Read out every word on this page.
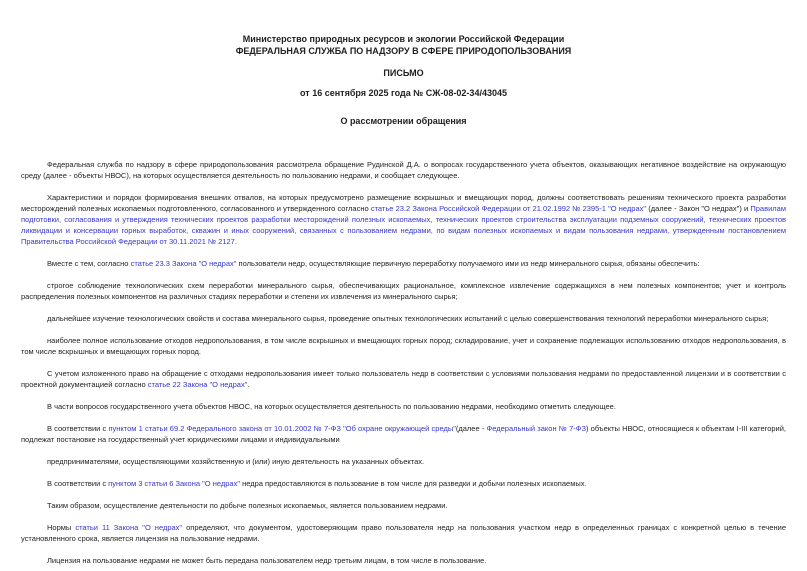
Министерство природных ресурсов и экологии Российской Федерации
ФЕДЕРАЛЬНАЯ СЛУЖБА ПО НАДЗОРУ В СФЕРЕ ПРИРОДОПОЛЬЗОВАНИЯ
ПИСЬМО
от 16 сентября 2025 года № СЖ-08-02-34/43045
О рассмотрении обращения

Федеральная служба по надзору в сфере природопользования рассмотрела обращение Рудинской Д.А. о вопросах государственного учета объектов, оказывающих негативное воздействие на окружающую среду (далее - объекты НВОС), на которых осуществляется деятельность по пользованию недрами, и сообщает следующее.

Характеристики и порядок формирования внешних отвалов, на которых предусмотрено размещение вскрышных и вмещающих пород, должны соответствовать решениям технического проекта разработки месторождений полезных ископаемых подготовленного, согласованного и утвержденного согласно статье 23.2 Закона Российской Федерации от 21.02.1992 № 2395-1 "О недрах" (далее - Закон "О недрах") и Правилам подготовки, согласования и утверждения технических проектов разработки месторождений полезных ископаемых, технических проектов строительства эксплуатации подземных сооружений, технических проектов ликвидации и консервации горных выработок, скважин и иных сооружений, связанных с пользованием недрами, по видам полезных ископаемых и видам пользования недрами, утвержденным постановлением Правительства Российской Федерации от 30.11.2021 № 2127.

Вместе с тем, согласно статье 23.3 Закона "О недрах" пользователи недр, осуществляющие первичную переработку получаемого ими из недр минерального сырья, обязаны обеспечить:

строгое соблюдение технологических схем переработки минерального сырья, обеспечивающих рациональное, комплексное извлечение содержащихся в нем полезных компонентов; учет и контроль распределения полезных компонентов на различных стадиях переработки и степени их извлечения из минерального сырья;

дальнейшее изучение технологических свойств и состава минерального сырья, проведение опытных технологических испытаний с целью совершенствования технологий переработки минерального сырья;

наиболее полное использование отходов недропользования, в том числе вскрышных и вмещающих горных пород; складирование, учет и сохранение подлежащих использованию отходов недропользования, в том числе вскрышных и вмещающих горных пород.

С учетом изложенного право на обращение с отходами недропользования имеет только пользователь недр в соответствии с условиями пользования недрами по предоставленной лицензии и в соответствии с проектной документацией согласно статье 22 Закона "О недрах".

В части вопросов государственного учета объектов НВОС, на которых осуществляется деятельность по пользованию недрами, необходимо отметить следующее.

В соответствии с пунктом 1 статьи 69.2 Федерального закона от 10.01.2002 № 7-ФЗ "Об охране окружающей среды"(далее - Федеральный закон № 7-ФЗ) объекты НВОС, относящиеся к объектам I-III категорий, подлежат постановке на государственный учет юридическими лицами и индивидуальными

предпринимателями, осуществляющими хозяйственную и (или) иную деятельность на указанных объектах.

В соответствии с пунктом 3 статьи 6 Закона "О недрах" недра предоставляются в пользование в том числе для разведки и добычи полезных ископаемых.

Таким образом, осуществление деятельности по добыче полезных ископаемых, является пользованием недрами.

Нормы статьи 11 Закона "О недрах" определяют, что документом, удостоверяющим право пользователя недр на пользования участком недр в определенных границах с конкретной целью в течение установленного срока, является лицензия на пользование недрами.

Лицензия на пользование недрами не может быть передана пользователем недр третьим лицам, в том числе в пользование.
